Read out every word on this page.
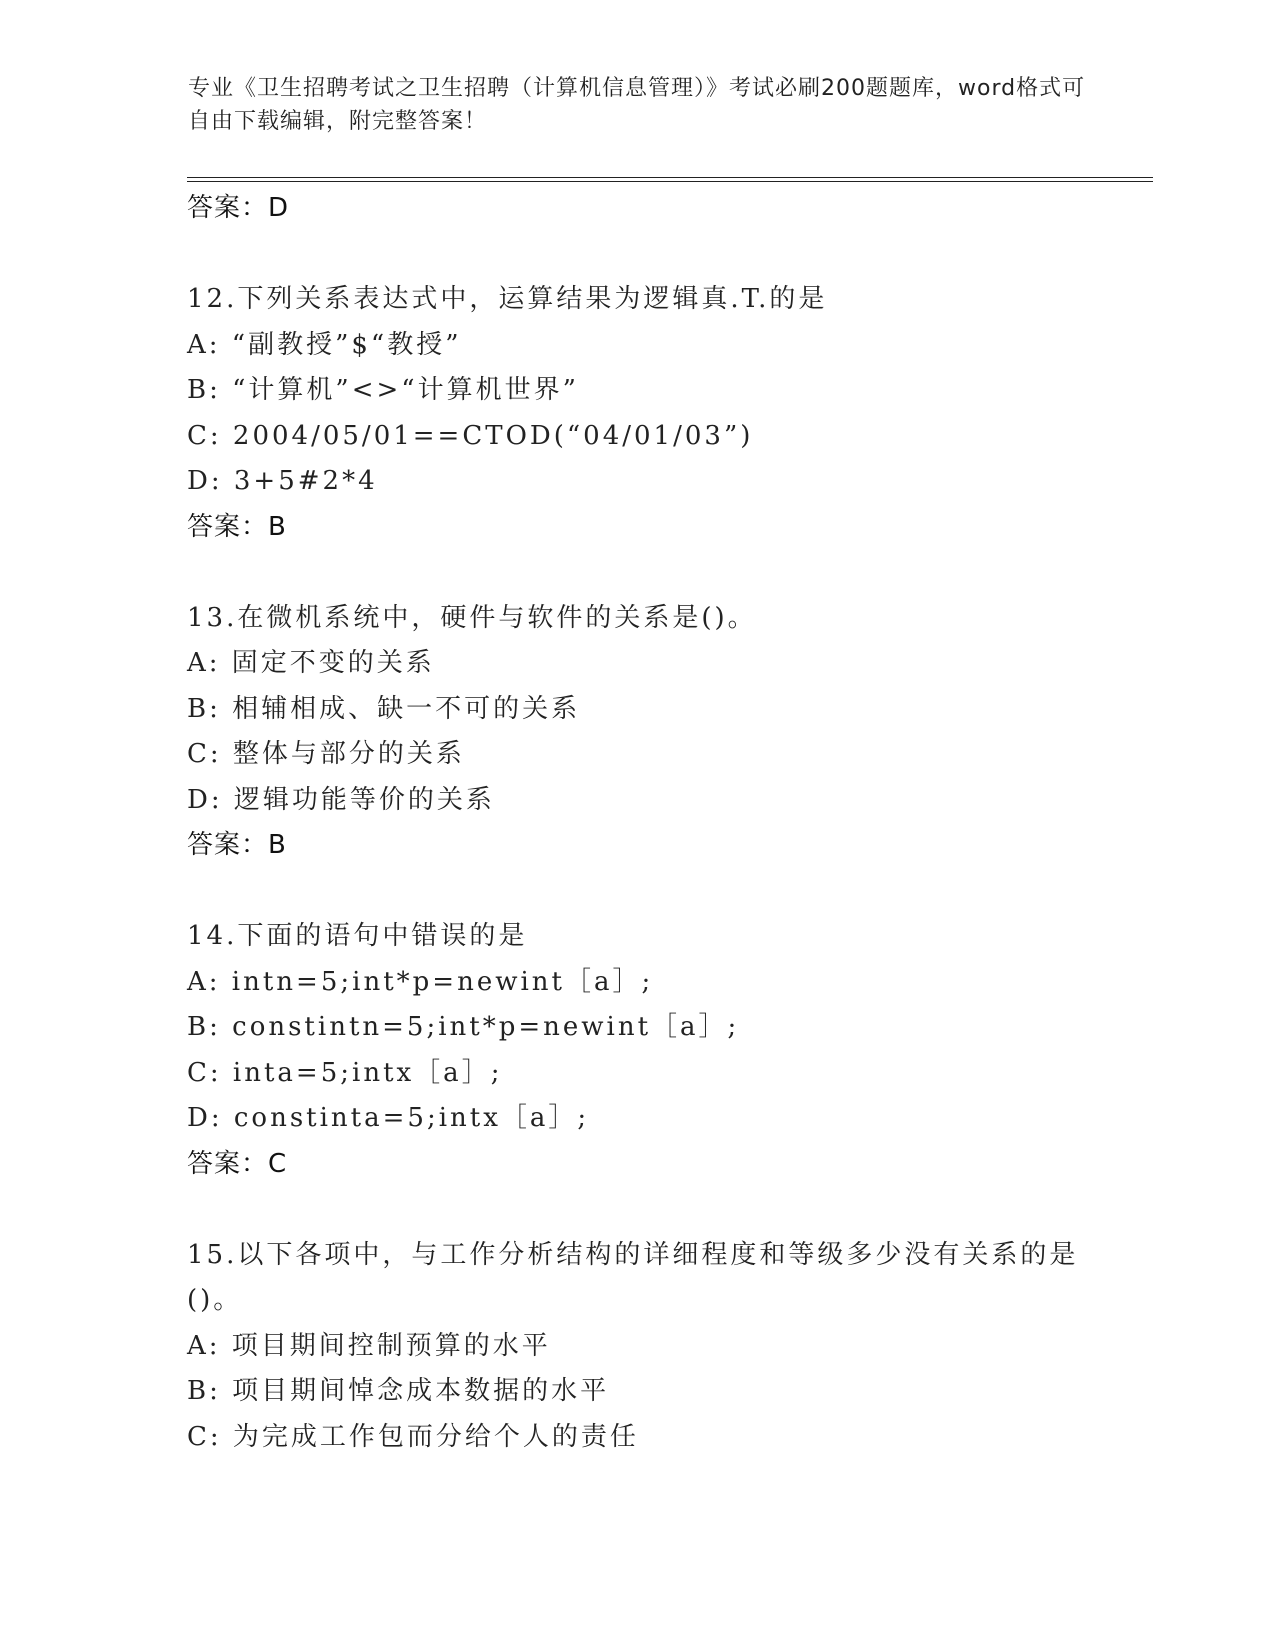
专业《卫生招聘考试之卫生招聘（计算机信息管理）》考试必刷200题题库，word格式可自由下载编辑，附完整答案！
答案：D
12.下列关系表达式中，运算结果为逻辑真.T.的是
A: “副教授”$“教授”
B: “计算机”<>“计算机世界”
C: 2004/05/01==CTOD(“04/01/03”)
D: 3+5#2*4
答案：B
13.在微机系统中，硬件与软件的关系是()。
A: 固定不变的关系
B: 相辅相成、缺一不可的关系
C: 整体与部分的关系
D: 逻辑功能等价的关系
答案：B
14.下面的语句中错误的是
A: intn=5;int*p=newint［a］;
B: constintn=5;int*p=newint［a］;
C: inta=5;intx［a］;
D: constinta=5;intx［a］;
答案：C
15.以下各项中，与工作分析结构的详细程度和等级多少没有关系的是()。
A: 项目期间控制预算的水平
B: 项目期间悼念成本数据的水平
C: 为完成工作包而分给个人的责任
